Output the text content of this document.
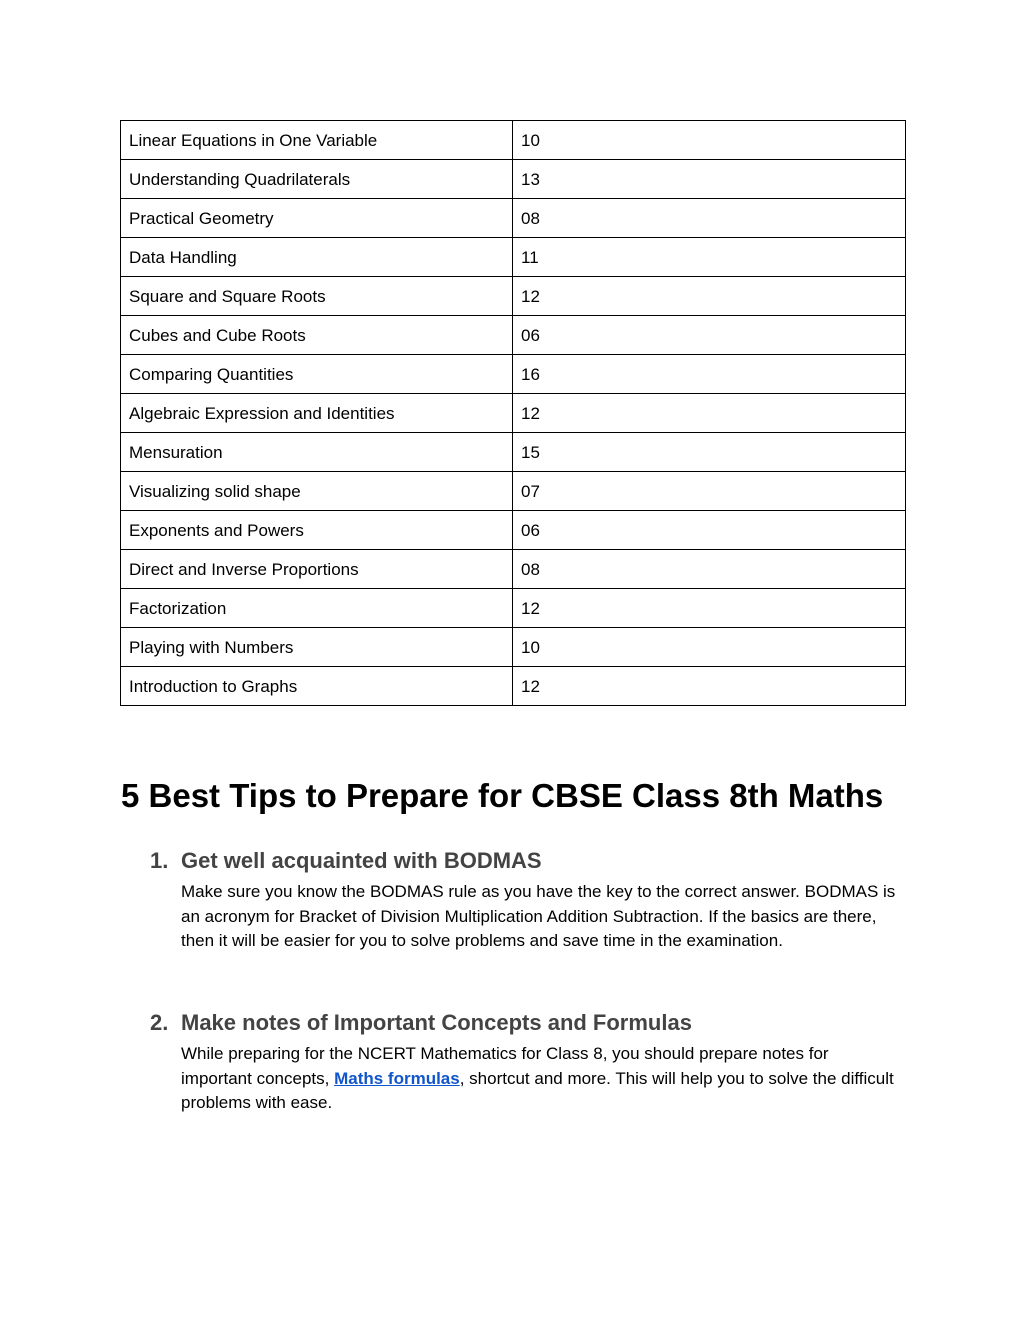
Linear Equations in One Variable	10
Understanding Quadrilaterals	13
Practical Geometry	08
Data Handling	11
Square and Square Roots	12
Cubes and Cube Roots	06
Comparing Quantities	16
Algebraic Expression and Identities	12
Mensuration	15
Visualizing solid shape	07
Exponents and Powers	06
Direct and Inverse Proportions	08
Factorization	12
Playing with Numbers	10
Introduction to Graphs	12
5 Best Tips to Prepare for CBSE Class 8th Maths
1. Get well acquainted with BODMAS

Make sure you know the BODMAS rule as you have the key to the correct answer. BODMAS is an acronym for Bracket of Division Multiplication Addition Subtraction. If the basics are there, then it will be easier for you to solve problems and save time in the examination.

2. Make notes of Important Concepts and Formulas

While preparing for the NCERT Mathematics for Class 8, you should prepare notes for important concepts, Maths formulas, shortcut and more. This will help you to solve the difficult problems with ease.
